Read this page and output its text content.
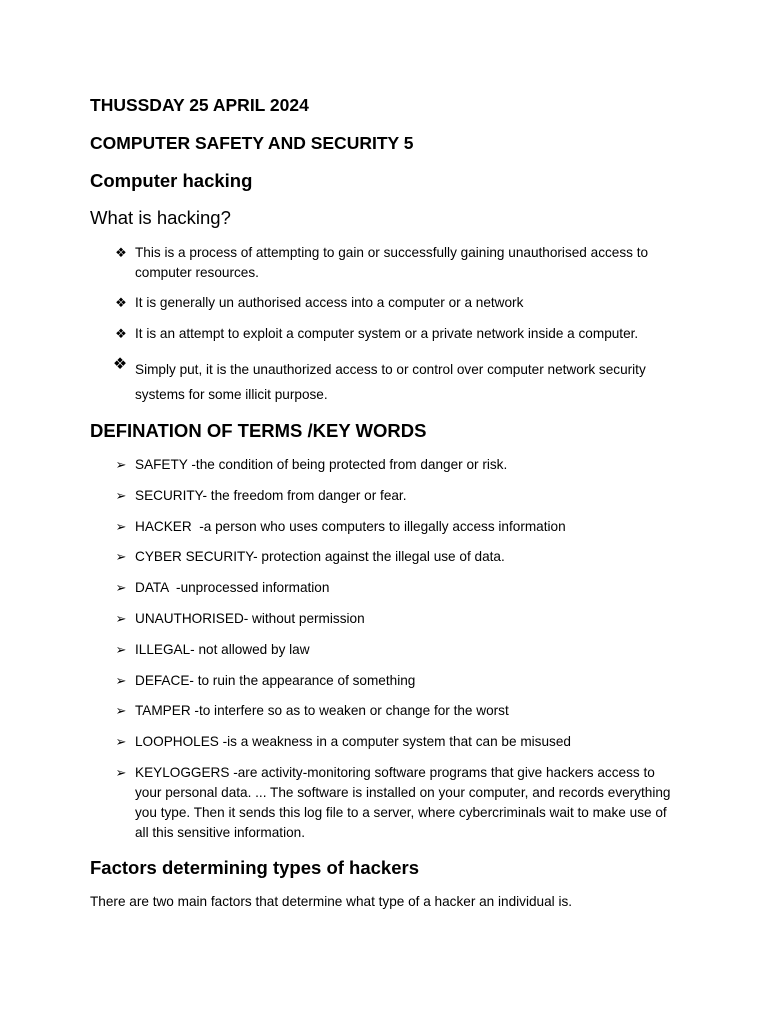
THUSSDAY 25 APRIL 2024
COMPUTER SAFETY AND SECURITY 5
Computer hacking
What is hacking?
❖ This is a process of attempting to gain or successfully gaining unauthorised access to computer resources.
❖ It is generally un authorised access into a computer or a network
❖ It is an attempt to exploit a computer system or a private network inside a computer.
❖ Simply put, it is the unauthorized access to or control over computer network security systems for some illicit purpose.
DEFINATION OF TERMS /KEY WORDS
➢ SAFETY -the condition of being protected from danger or risk.
➢ SECURITY- the freedom from danger or fear.
➢ HACKER  -a person who uses computers to illegally access information
➢ CYBER SECURITY- protection against the illegal use of data.
➢ DATA  -unprocessed information
➢ UNAUTHORISED- without permission
➢ ILLEGAL- not allowed by law
➢ DEFACE- to ruin the appearance of something
➢ TAMPER -to interfere so as to weaken or change for the worst
➢ LOOPHOLES -is a weakness in a computer system that can be misused
➢ KEYLOGGERS -are activity-monitoring software programs that give hackers access to your personal data. ... The software is installed on your computer, and records everything you type. Then it sends this log file to a server, where cybercriminals wait to make use of all this sensitive information.
Factors determining types of hackers

There are two main factors that determine what type of a hacker an individual is.
